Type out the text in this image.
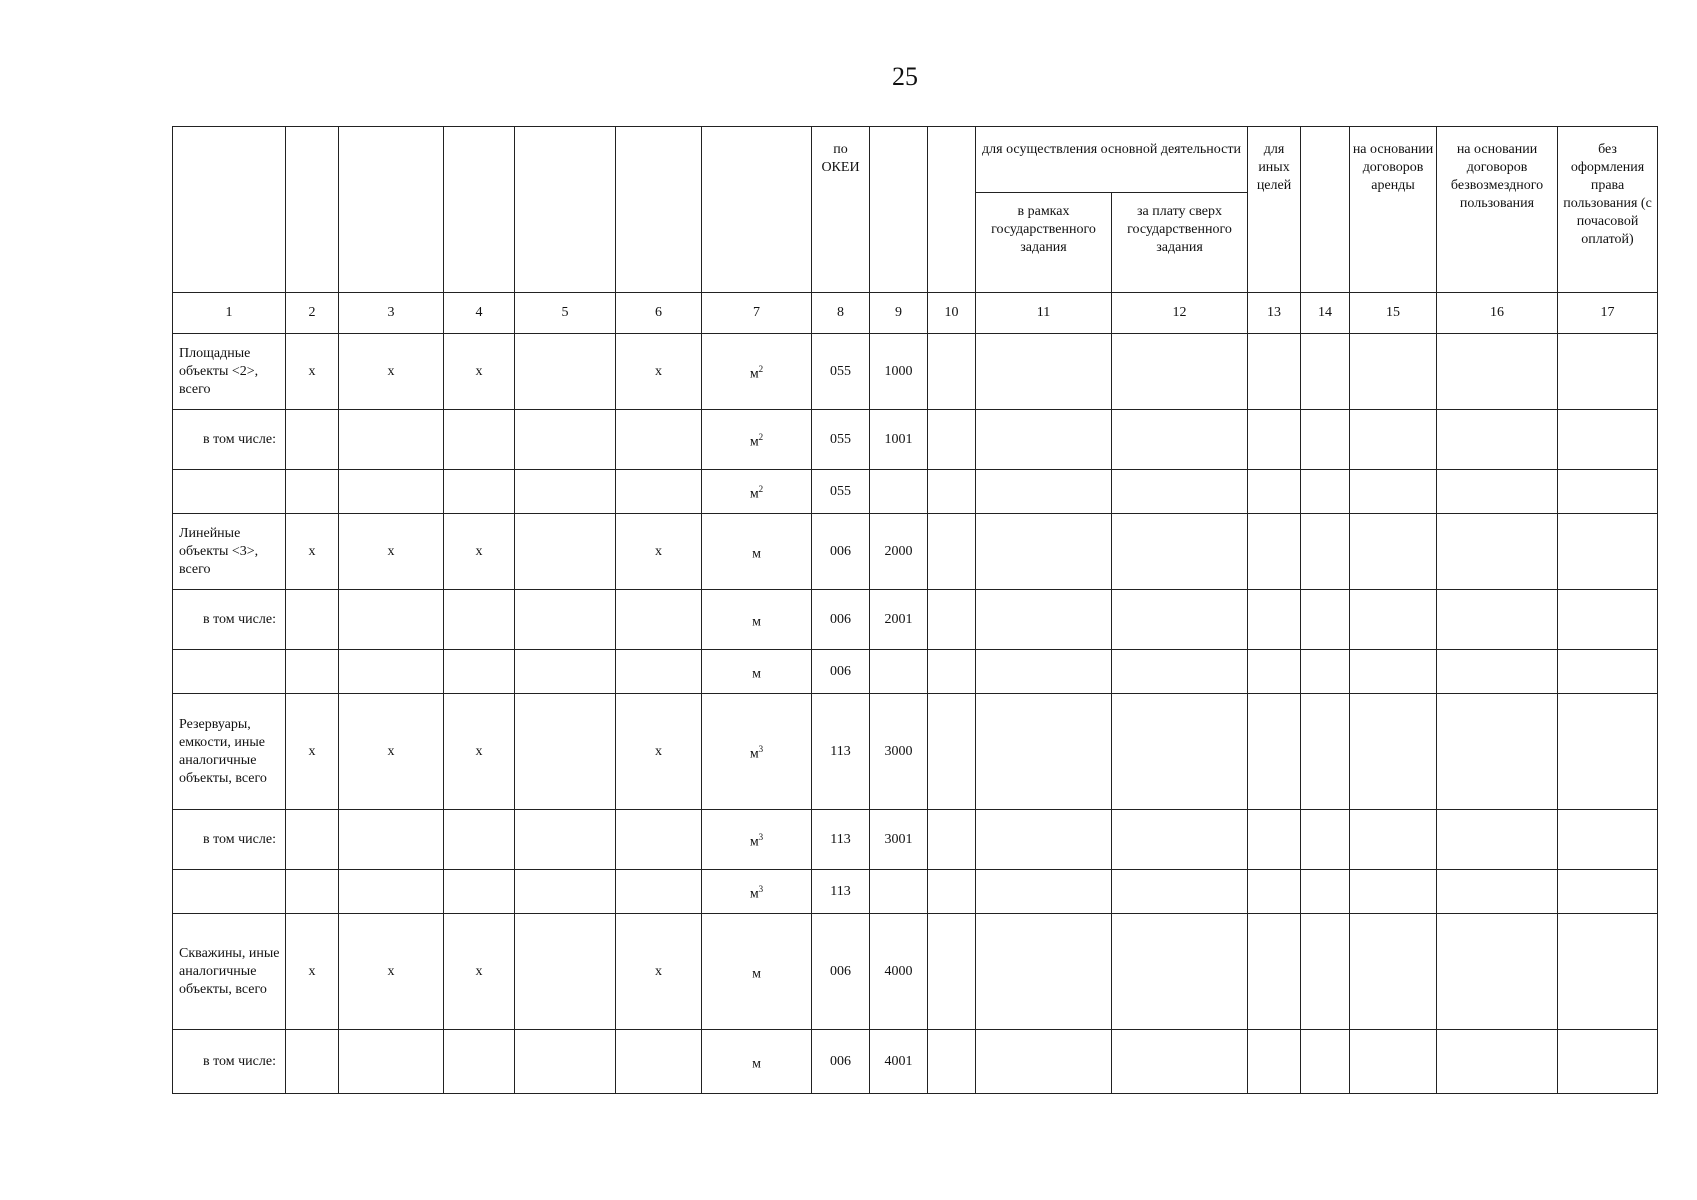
25
							по ОКЕИ			для осуществления основной деятельности		для иных целей		на основании договоров аренды	на основании договоров безвозмездного пользования	без оформления права пользования (с почасовой оплатой)
										в рамках государственного задания	за плату сверх государственного задания					
1	2	3	4	5	6	7	8	9	10	11	12	13	14	15	16	17
Площадные объекты <2>, всего	х	х	х		х	$м^2$	055	1000								
в том числе:						$м^2$	055	1001								
						$м^2$	055									
Линейные объекты <3>, всего	х	х	х		х	м	006	2000								
в том числе:						м	006	2001								
						м	006									
Резервуары, емкости, иные аналогичные объекты, всего	х	х	х		х	$м^3$	113	3000								
в том числе:						$м^3$	113	3001								
						$м^3$	113									
Скважины, иные аналогичные объекты, всего	х	х	х		х	м	006	4000								
в том числе:						м	006	4001								
